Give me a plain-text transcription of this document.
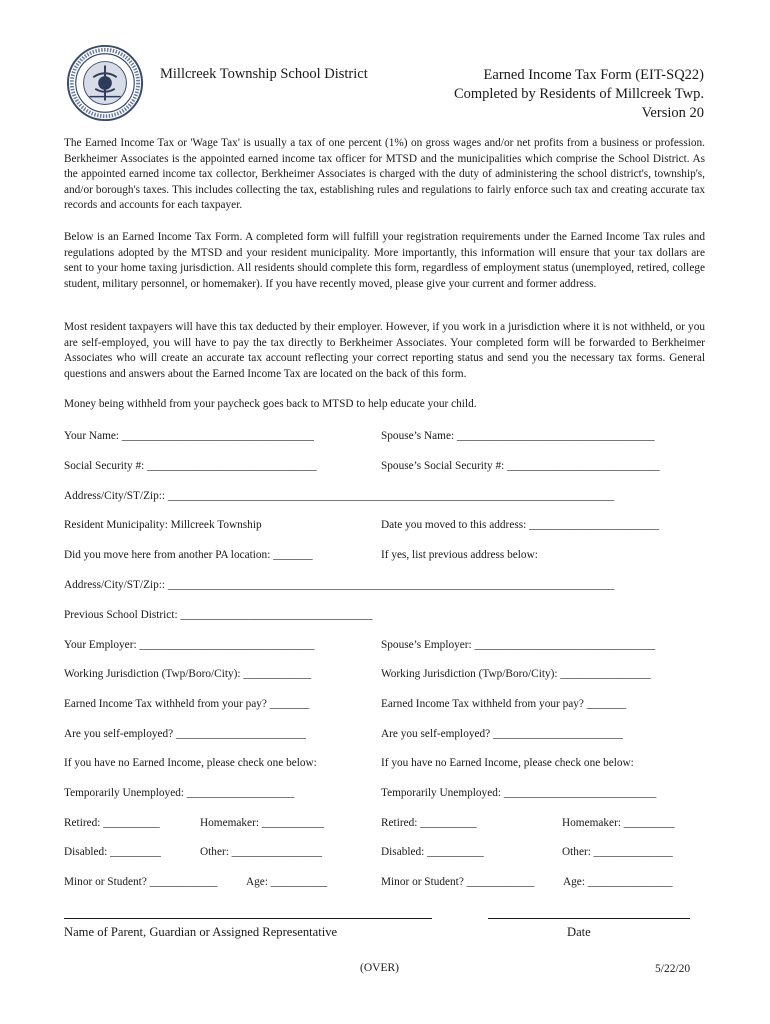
Millcreek Township School District	Earned Income Tax Form (EIT-SQ22)
Completed by Residents of Millcreek Twp.
Version 20

The Earned Income Tax or 'Wage Tax' is usually a tax of one percent (1%) on gross wages and/or net profits from a business or profession. Berkheimer Associates is the appointed earned income tax officer for MTSD and the municipalities which comprise the School District. As the appointed earned income tax collector, Berkheimer Associates is charged with the duty of administering the school district's, township's, and/or borough's taxes. This includes collecting the tax, establishing rules and regulations to fairly enforce such tax and creating accurate tax records and accounts for each taxpayer.

Below is an Earned Income Tax Form. A completed form will fulfill your registration requirements under the Earned Income Tax rules and regulations adopted by the MTSD and your resident municipality. More importantly, this information will ensure that your tax dollars are sent to your home taxing jurisdiction. All residents should complete this form, regardless of employment status (unemployed, retired, college student, military personnel, or homemaker). If you have recently moved, please give your current and former address.

Most resident taxpayers will have this tax deducted by their employer. However, if you work in a jurisdiction where it is not withheld, or you are self-employed, you will have to pay the tax directly to Berkheimer Associates. Your completed form will be forwarded to Berkheimer Associates who will create an accurate tax account reflecting your correct reporting status and send you the necessary tax forms. General questions and answers about the Earned Income Tax are located on the back of this form.

Money being withheld from your paycheck goes back to MTSD to help educate your child.

Your Name: __________________________________	Spouse’s Name: ___________________________________
Social Security #: ______________________________	Spouse’s Social Security #: ___________________________
Address/City/ST/Zip:: _______________________________________________________________________________
Resident Municipality: Millcreek Township	Date you moved to this address: _______________________
Did you move here from another PA location: _______	If yes, list previous address below:
Address/City/ST/Zip:: _______________________________________________________________________________
Previous School District: __________________________________
Your Employer: _______________________________	Spouse’s Employer: ________________________________
Working Jurisdiction (Twp/Boro/City): ____________	Working Jurisdiction (Twp/Boro/City): ________________
Earned Income Tax withheld from your pay? _______	Earned Income Tax withheld from your pay? _______
Are you self-employed? _______________________	Are you self-employed? _______________________
If you have no Earned Income, please check one below:	If you have no Earned Income, please check one below:
Temporarily Unemployed: ___________________	Temporarily Unemployed: ___________________________
Retired: __________	Homemaker: ___________	Retired: __________	Homemaker: _________
Disabled: _________	Other: ________________	Disabled: __________	Other: ______________
Minor or Student? ____________	Age: __________	Minor or Student? ____________	Age: _______________
Name of Parent, Guardian or Assigned Representative	Date
(OVER)	5/22/20
